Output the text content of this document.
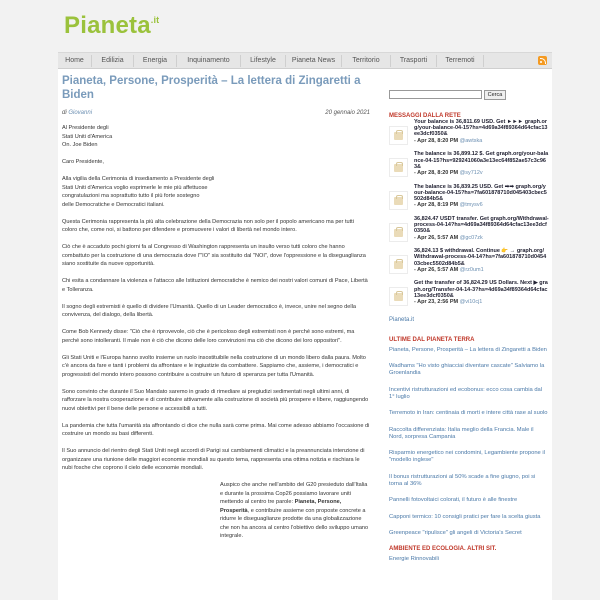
Pianeta$^{.it}$
Home	Edilizia	Energia	Inquinamento	Lifestyle	Pianeta News	Territorio	Trasporti	Terremoti
Pianeta, Persone, Prosperità – La lettera di Zingaretti a Biden
di Giovanni	20 gennaio 2021

Al Presidente degli
Stati Uniti d'America
On. Joe Biden

Caro Presidente,

Alla vigilia della Cerimonia di insediamento a Presidente degli
Stati Uniti d'America voglio esprimerle le mie più affettuose
congratulazioni ma soprattutto tutto il più forte sostegno
delle Democratiche e Democratici italiani.

Questa Cerimonia rappresenta la più alta celebrazione della Democrazia non solo per il popolo americano ma per tutti coloro che, come noi, si battono per difendere e promuovere i valori di libertà nel mondo intero.

Ciò che è accaduto pochi giorni fa al Congresso di Washington rappresenta un insulto verso tutti coloro che hanno combattuto per la costruzione di una democrazia dove l'"IO" sia sostituito dal "NOI", dove l'oppressione e la diseguaglianza siano sostituite da nuove opportunità.

Chi esita a condannare la violenza e l'attacco alle Istituzioni democratiche è nemico dei nostri valori comuni di Pace, Libertà e Tolleranza.

Il sogno degli estremisti è quello di dividere l'Umanità. Quello di un Leader democratico è, invece, unire nel segno della convivenza, del dialogo, della libertà.

Come Bob Kennedy disse: "Ciò che è riprovevole, ciò che è pericoloso degli estremisti non è perché sono estremi, ma perché sono intolleranti. Il male non è ciò che dicono delle loro convinzioni ma ciò che dicono dei loro oppositori".

Gli Stati Uniti e l'Europa hanno svolto insieme un ruolo insostituibile nella costruzione di un mondo libero dalla paura. Molto c'è ancora da fare e tanti i problemi da affrontare e le ingiustizie da combattere. Sappiamo che, assieme, i democratici e progressisti del mondo intero possono contribuire a costruire un futuro di speranza per tutta l'Umanità.

Sono convinto che durante il Suo Mandato saremo in grado di rimediare ai pregiudizi sedimentati negli ultimi anni, di rafforzare la nostra cooperazione e di contribuire attivamente alla costruzione di società più prospere e libere, raggiungendo nuovi obiettivi per il bene delle persone e accessibili a tutti.

La pandemia che tutta l'umanità sta affrontando ci dice che nulla sarà come prima. Mai come adesso abbiamo l'occasione di costruire un mondo su basi differenti.

Il Suo annuncio del rientro degli Stati Uniti negli accordi di Parigi sui cambiamenti climatici e la preannunciata intenzione di organizzare una riunione delle maggiori economie mondiali su questo tema, rappresenta una ottima notizia e rischiara le nubi fosche che coprono il cielo delle economie mondiali.

Auspico che anche nell'ambito del G20 presieduto dall'Italia e durante la prossima Cop26 possiamo lavorare uniti mettendo al centro tre parole: Pianeta, Persone, Prosperità, e contribuire assieme con proposte concrete a ridurre le diseguaglianze prodotte da una globalizzazione che non ha ancora al centro l'obiettivo dello sviluppo umano integrale.

Cerca
MESSAGGI DALLA RETE
Your balance is 36,811.69 USD. Get ►►► graph.org/your-balance-04-15?hs=4d69a34f89364d64cfac13ee3dcf0350&
- Apr 28, 8:20 PM @awtska
The balance is 36,899.12 $. Get graph.org/your-balance-04-15?hs=929241060a3e13ec64f852ae57c3c963&
- Apr 28, 8:20 PM @sy712v
The balance is 36,839.25 USD. Get ➡➡ graph.org/your-balance-04-15?hs=7fa601878710d045403cbec5502d84b5&
- Apr 28, 8:19 PM @tmysv6
36,824.47 USDT transfer. Get graph.org/Withdrawal-process-04-14?hs=4d69a34f89364d64cfac13ee3dcf0350&
- Apr 26, 5:57 AM @gc07zk
36,824.13 $ withdrawal. Continue 👉 → graph.org/Withdrawal-process-04-14?hs=7fa601878710d045403cbec5502d84b5&
- Apr 26, 5:57 AM @rz0um1
Get the transfer of 36,824.29 US Dollars. Next ▶ graph.org/Transfer-04-14-3?hs=4d69a34f89364d64cfac13ee3dcf0350&
- Apr 23, 2:56 PM @vi10cj1
Pianeta.it
ULTIME DAL PIANETA TERRA
Pianeta, Persone, Prosperità – La lettera di Zingaretti a Biden
Wadhams "Ho visto ghiacciai diventare cascate" Salviamo la Groenlandia
Incentivi ristrutturazioni ed ecobonus: ecco cosa cambia dal 1° luglio
Terremoto in Iran: centinaia di morti e intere città rase al suolo
Raccolta differenziata: Italia meglio della Francia. Male il Nord, sorpresa Campania
Risparmio energetico nei condomini, Legambiente propone il "modello inglese"
Il bonus ristrutturazioni al 50% scade a fine giugno, poi si torna al 36%
Pannelli fotovoltaici colorati, il futuro è alle finestre
Capponi termico: 10 consigli pratici per fare la scelta giusta
Greenpeace "ripulisce" gli angeli di Victoria's Secret
AMBIENTE ED ECOLOGIA. ALTRI SIT.
Energie Rinnovabili
